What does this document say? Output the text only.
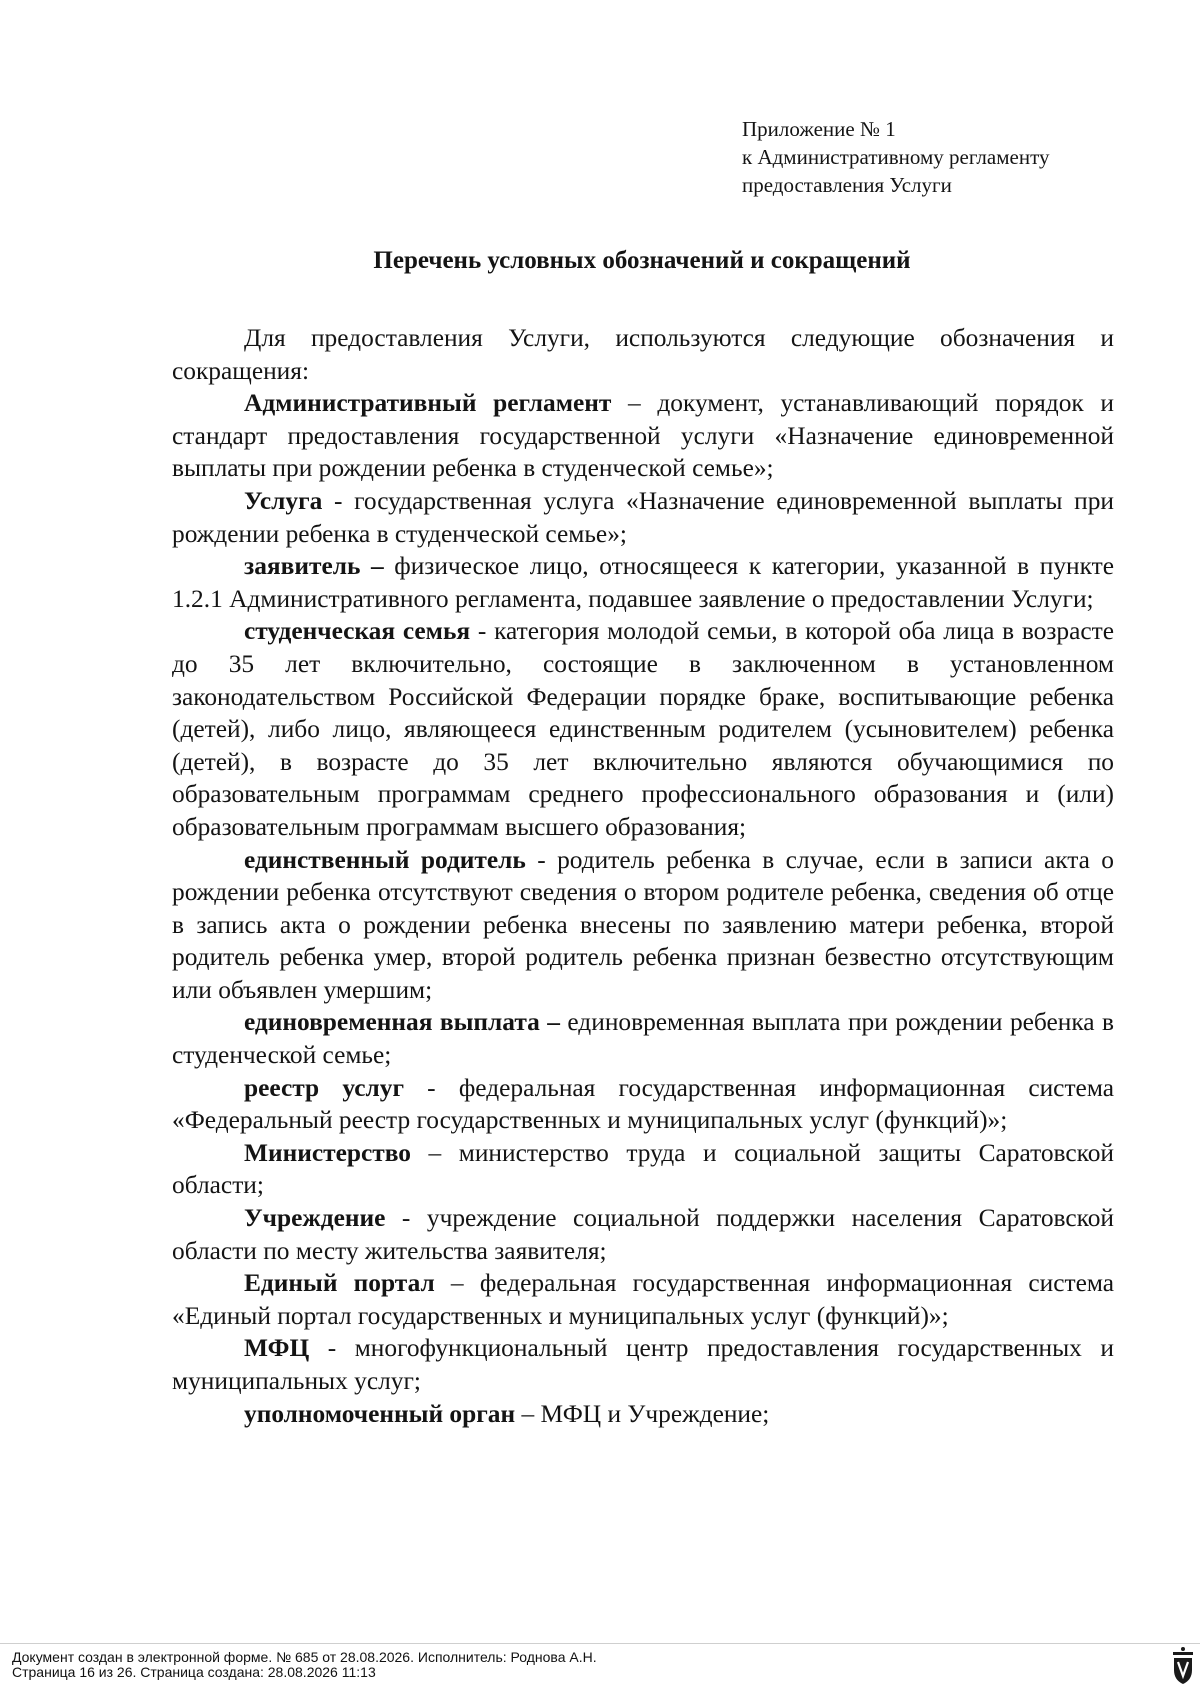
Приложение № 1
к Административному регламенту
предоставления Услуги
Перечень условных обозначений и сокращений

Для предоставления Услуги, используются следующие обозначения и сокращения:

Административный регламент – документ, устанавливающий порядок и стандарт предоставления государственной услуги «Назначение единовременной выплаты при рождении ребенка в студенческой семье»;

Услуга - государственная услуга «Назначение единовременной выплаты при рождении ребенка в студенческой семье»;

заявитель – физическое лицо, относящееся к категории, указанной в пункте 1.2.1 Административного регламента, подавшее заявление о предоставлении Услуги;

студенческая семья - категория молодой семьи, в которой оба лица в возрасте до 35 лет включительно, состоящие в заключенном в установленном законодательством Российской Федерации порядке браке, воспитывающие ребенка (детей), либо лицо, являющееся единственным родителем (усыновителем) ребенка (детей), в возрасте до 35 лет включительно являются обучающимися по образовательным программам среднего профессионального образования и (или) образовательным программам высшего образования;

единственный родитель - родитель ребенка в случае, если в записи акта о рождении ребенка отсутствуют сведения о втором родителе ребенка, сведения об отце в запись акта о рождении ребенка внесены по заявлению матери ребенка, второй родитель ребенка умер, второй родитель ребенка признан безвестно отсутствующим или объявлен умершим;

единовременная выплата – единовременная выплата при рождении ребенка в студенческой семье;

реестр услуг - федеральная государственная информационная система «Федеральный реестр государственных и муниципальных услуг (функций)»;

Министерство – министерство труда и социальной защиты Саратовской области;

Учреждение - учреждение социальной поддержки населения Саратовской области по месту жительства заявителя;

Единый портал – федеральная государственная информационная система «Единый портал государственных и муниципальных услуг (функций)»;

МФЦ - многофункциональный центр предоставления государственных и муниципальных услуг;

уполномоченный орган – МФЦ и Учреждение;

Документ создан в электронной форме. № 685 от 28.08.2026. Исполнитель: Роднова А.Н.
Страница 16 из 26. Страница создана: 28.08.2026 11:13
